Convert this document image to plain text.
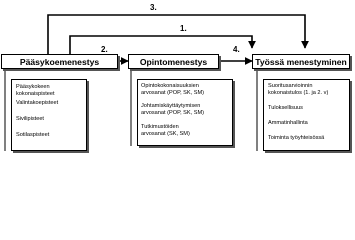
3.
1.
2.	4.
Pääsykoemenestys	Opintomenestys	Työssä menestyminen
Pääsykokeen
kokonaispisteet
Valintakoepisteet
Sivilipisteet
Sotilaspisteet
Opintokokonaisuuksien
arvosanat (POP, SK, SM)
Johtamiskäyttäytymisen
arvosanat (POP, SK, SM)
Tutkimustöiden
arvosanat (SK, SM)
Suoritusarvioinnin
kokonaistulos (1. ja 2. v)
Tuloksellisuus
Ammatinhallinta
Toiminta työyhteisössä
